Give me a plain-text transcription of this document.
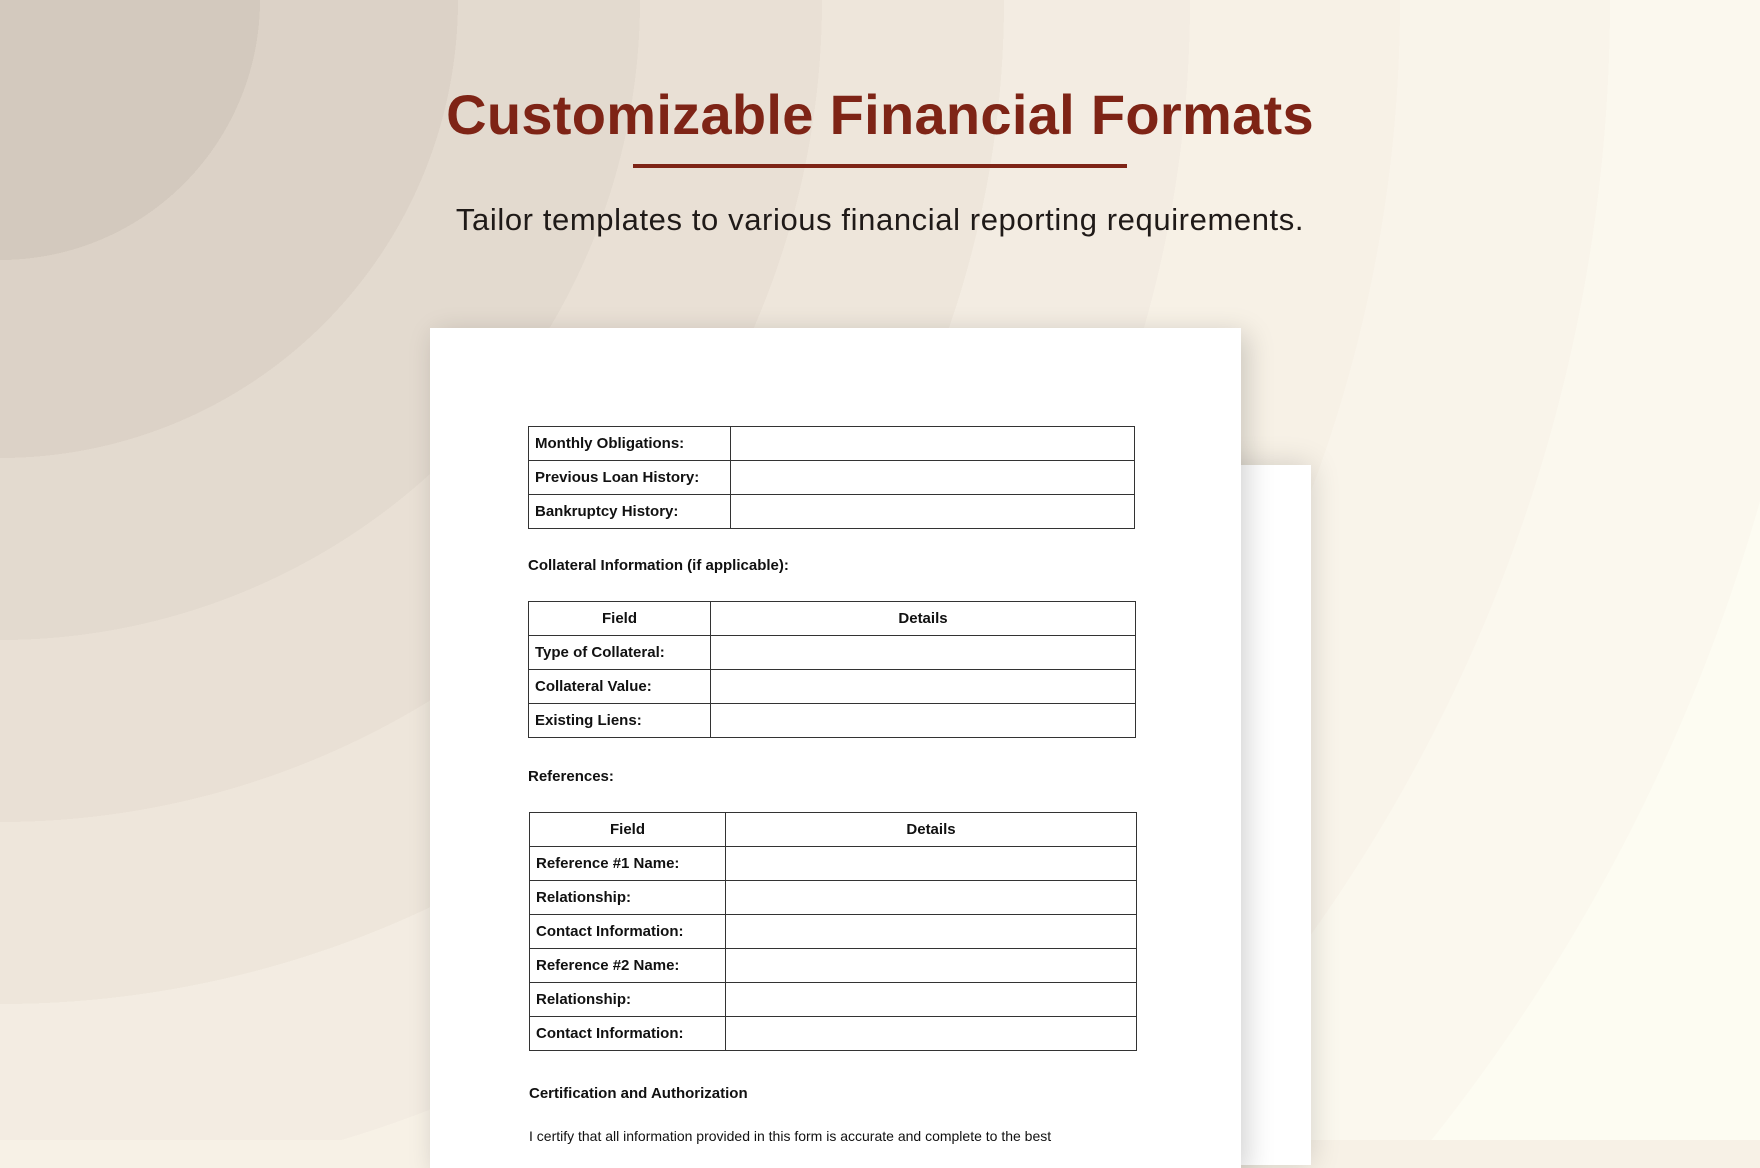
Customizable Financial Formats

Tailor templates to various financial reporting requirements.

Monthly Obligations:	
Previous Loan History:	
Bankruptcy History:	

Collateral Information (if applicable):

Field	Details
Type of Collateral:	
Collateral Value:	
Existing Liens:	

References:

Field	Details
Reference #1 Name:	
Relationship:	
Contact Information:	
Reference #2 Name:	
Relationship:	
Contact Information:	

Certification and Authorization

I certify that all information provided in this form is accurate and complete to the best
